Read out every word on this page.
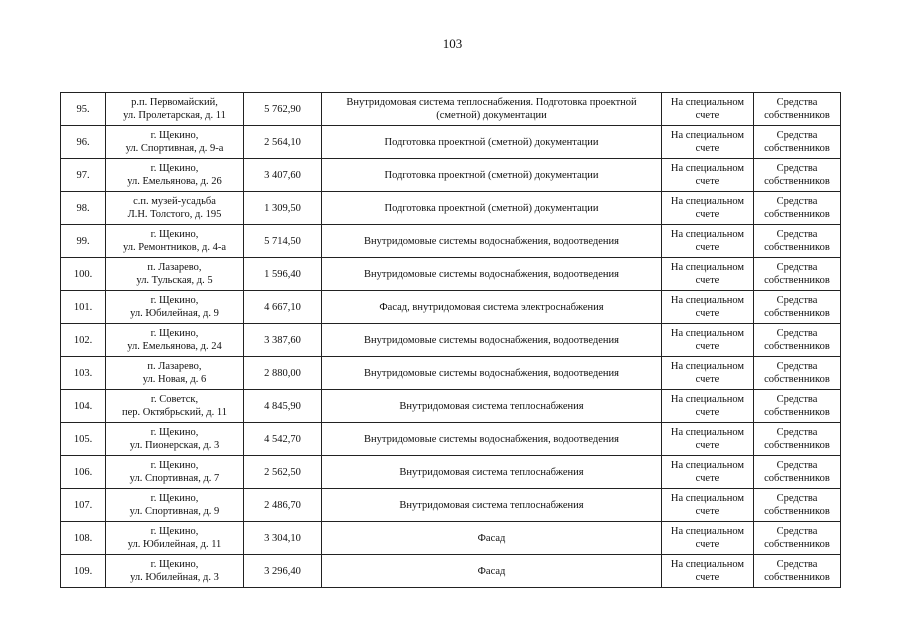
103
95.	р.п. Первомайский,
ул. Пролетарская, д. 11	5 762,90	Внутридомовая система теплоснабжения. Подготовка проектной (сметной) документации	На специальном
счете	Средства
собственников

96.	г. Щекино,
ул. Спортивная, д. 9-а	2 564,10	Подготовка проектной (сметной) документации	На специальном
счете	Средства
собственников

97.	г. Щекино,
ул. Емельянова, д. 26	3 407,60	Подготовка проектной (сметной) документации	На специальном
счете	Средства
собственников

98.	с.п. музей-усадьба
Л.Н. Толстого, д. 195	1 309,50	Подготовка проектной (сметной) документации	На специальном
счете	Средства
собственников

99.	г. Щекино,
ул. Ремонтников, д. 4-а	5 714,50	Внутридомовые системы водоснабжения, водоотведения	На специальном
счете	Средства
собственников

100.	п. Лазарево,
ул. Тульская, д. 5	1 596,40	Внутридомовые системы водоснабжения, водоотведения	На специальном
счете	Средства
собственников

101.	г. Щекино,
ул. Юбилейная, д. 9	4 667,10	Фасад, внутридомовая система электроснабжения	На специальном
счете	Средства
собственников

102.	г. Щекино,
ул. Емельянова, д. 24	3 387,60	Внутридомовые системы водоснабжения, водоотведения	На специальном
счете	Средства
собственников

103.	п. Лазарево,
ул. Новая, д. 6	2 880,00	Внутридомовые системы водоснабжения, водоотведения	На специальном
счете	Средства
собственников

104.	г. Советск,
пер. Октябрьский, д. 11	4 845,90	Внутридомовая система теплоснабжения	На специальном
счете	Средства
собственников

105.	г. Щекино,
ул. Пионерская, д. 3	4 542,70	Внутридомовые системы водоснабжения, водоотведения	На специальном
счете	Средства
собственников

106.	г. Щекино,
ул. Спортивная, д. 7	2 562,50	Внутридомовая система теплоснабжения	На специальном
счете	Средства
собственников

107.	г. Щекино,
ул. Спортивная, д. 9	2 486,70	Внутридомовая система теплоснабжения	На специальном
счете	Средства
собственников

108.	г. Щекино,
ул. Юбилейная, д. 11	3 304,10	Фасад	На специальном
счете	Средства
собственников

109.	г. Щекино,
ул. Юбилейная, д. 3	3 296,40	Фасад	На специальном
счете	Средства
собственников
